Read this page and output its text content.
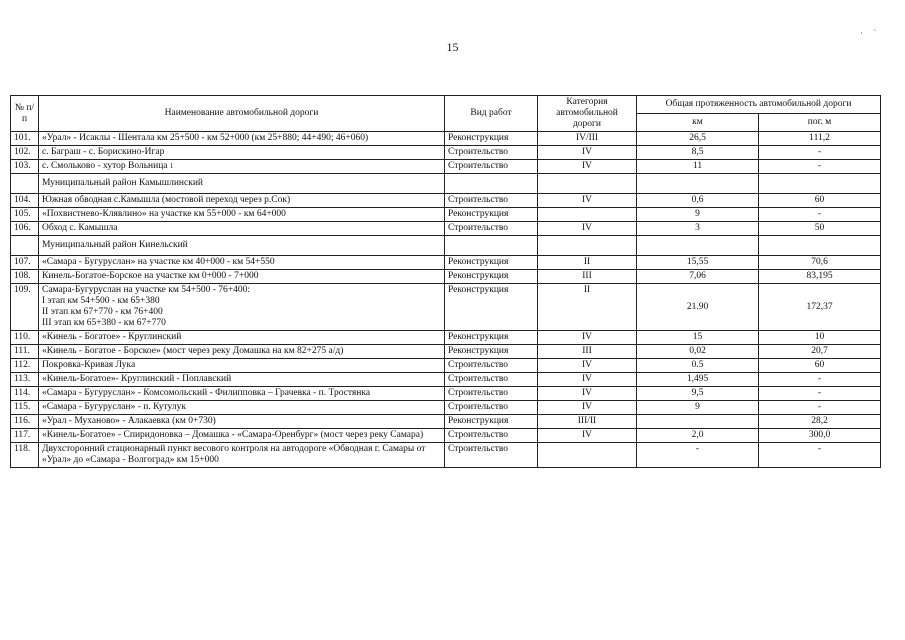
15
· `
№ п/п	Наименование автомобильной дороги	Вид работ	Категория автомобильной дороги	Общая протяженность автомобильной дороги	
				км	пог. м
101.	«Урал» - Исаклы - Шентала км 25+500 - км 52+000 (км 25+880; 44+490; 46+060)	Реконструкция	IV/III	26,5	111,2
102.	с. Баграш - с. Борискино-Игар	Строительство	IV	8,5	-
103.	с. Смольково - хутор Вольница $^1$	Строительство	IV	11	-
	Муниципальный район Камышлинский				
104.	Южная обводная с.Камышла (мостовой переход через р.Сок)	Строительство	IV	0,6	60
105.	«Похвистнево-Клявлино» на участке км 55+000 - км 64+000	Реконструкция		9	-
106.	Обход с. Камышла	Строительство	IV	3	50
	Муниципальный район Кинельский				
107.	«Самара - Бугуруслан» на участке км 40+000 - км 54+550	Реконструкция	II	15,55	70,6
108.	Кинель-Богатое-Борское на участке км 0+000 - 7+000	Реконструкция	III	7,06	83,195
109.	Самара-Бугуруслан на участке км 54+500 - 76+400:
I этап км 54+500 - км 65+380
II этап км 67+770 - км 76+400
III этап км 65+380 - км 67+770	Реконструкция	II	21.90	172,37
110.	«Кинель - Богатое» - Круглинский	Реконструкция	IV	15	10
111.	«Кинель - Богатое - Борское» (мост через реку Домашка на км 82+275 а/д)	Реконструкция	III	0,02	20,7
112.	Покровка-Кривая Лука	Строительство	IV	0.5	60
113.	«Кинель-Богатое»- Круглинский - Поплавский	Строительство	IV	1,495	-
114.	«Самара - Бугуруслан» - Комсомольский - Филипповка – Грачевка - п. Тростянка	Строительство	IV	9,5	-
115.	«Самара - Бугуруслан» - п. Кутулук	Строительство	IV	9	-
116.	«Урал - Муханово» - Алакаевка (км 0+730)	Реконструкция	III/II		28,2
117.	«Кинель-Богатое» - Спиридоновка – Домашка - «Самара-Оренбург» (мост через реку Самара)	Строительство	IV	2,0	300,0
118.	Двухсторонний стационарный пункт весового контроля на автодороге «Обводная г. Самары от «Урал» до «Самара - Волгоград» км 15+000	Строительство		-	-
